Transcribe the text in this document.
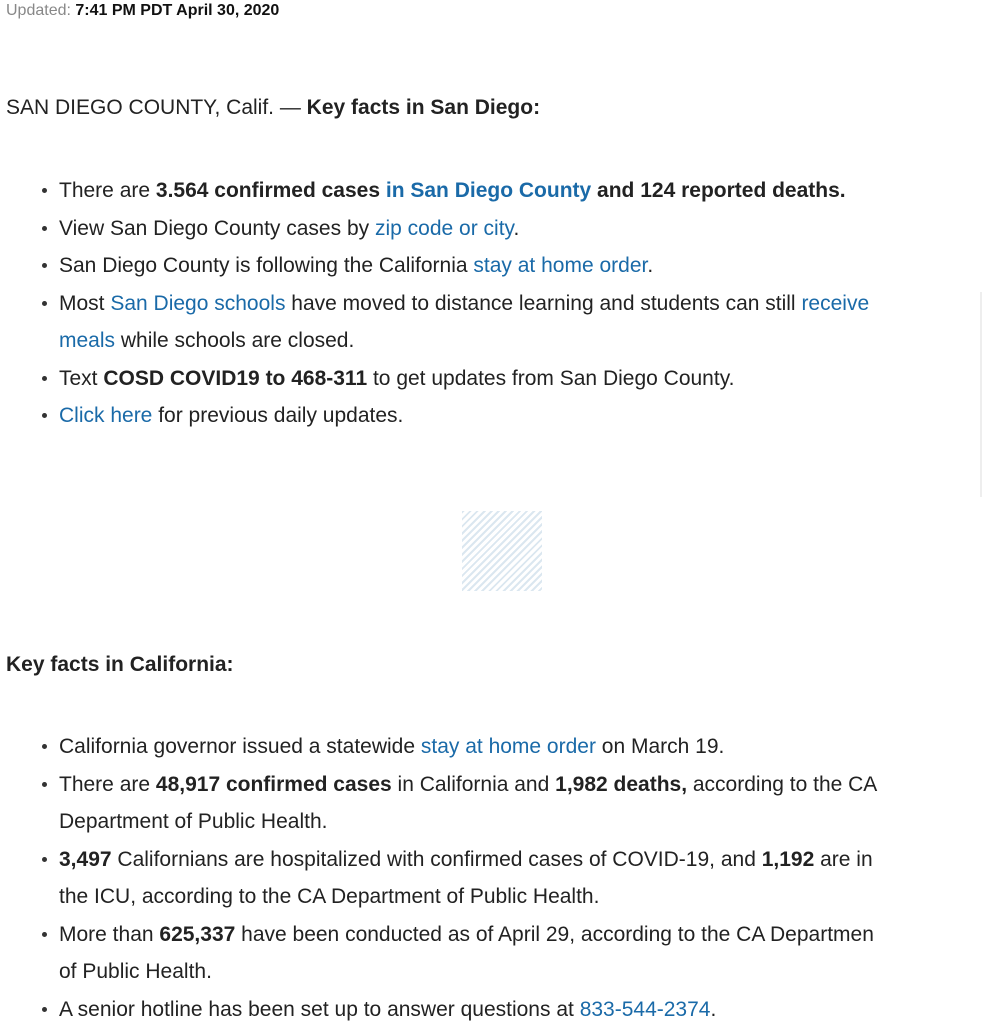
Updated: 7:41 PM PDT April 30, 2020
SAN DIEGO COUNTY, Calif. — Key facts in San Diego:
There are 3.564 confirmed cases in San Diego County and 124 reported deaths.
View San Diego County cases by zip code or city.
San Diego County is following the California stay at home order.
Most San Diego schools have moved to distance learning and students can still receive
meals while schools are closed.
Text COSD COVID19 to 468-311 to get updates from San Diego County.
Click here for previous daily updates.
Key facts in California:
California governor issued a statewide stay at home order on March 19.
There are 48,917 confirmed cases in California and 1,982 deaths, according to the CA
Department of Public Health.
3,497 Californians are hospitalized with confirmed cases of COVID-19, and 1,192 are in
the ICU, according to the CA Department of Public Health.
More than 625,337 have been conducted as of April 29, according to the CA Departmen
of Public Health.
A senior hotline has been set up to answer questions at 833-544-2374.
